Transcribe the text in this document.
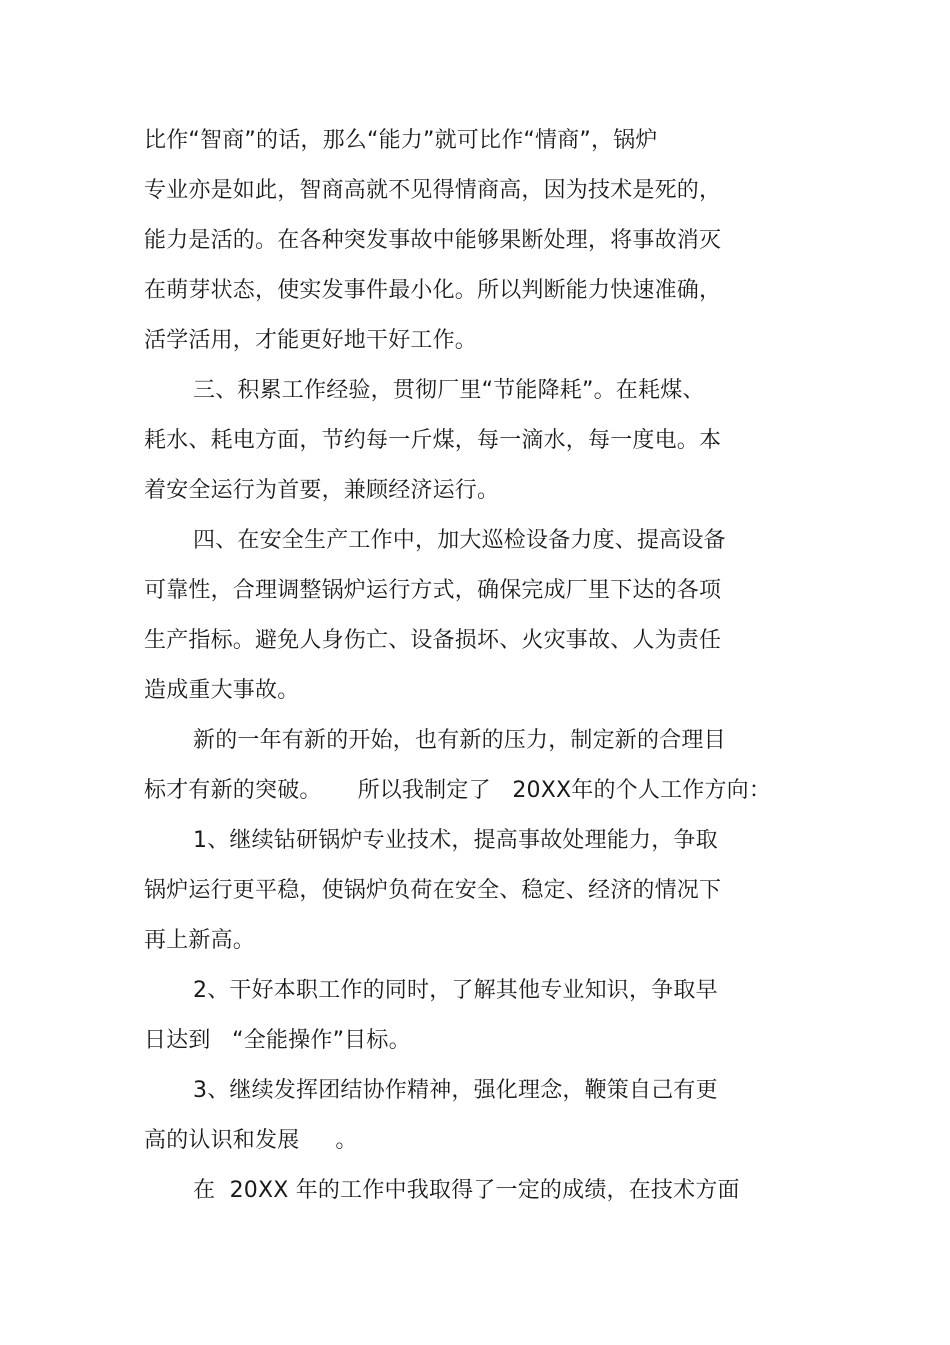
比作“智商”的话，那么“能力”就可比作“情商”，锅炉
专业亦是如此，智商高就不见得情商高，因为技术是死的，
能力是活的。在各种突发事故中能够果断处理，将事故消灭
在萌芽状态，使实发事件最小化。所以判断能力快速准确，
活学活用，才能更好地干好工作。
三、积累工作经验，贯彻厂里“节能降耗”。在耗煤、
耗水、耗电方面，节约每一斤煤，每一滴水，每一度电。本
着安全运行为首要，兼顾经济运行。
四、在安全生产工作中，加大巡检设备力度、提高设备
可靠性，合理调整锅炉运行方式，确保完成厂里下达的各项
生产指标。避免人身伤亡、设备损坏、火灾事故、人为责任
造成重大事故。
新的一年有新的开始，也有新的压力，制定新的合理目
标才有新的突破。     所以我制定了   20XX年的个人工作方向：
1、继续钻研锅炉专业技术，提高事故处理能力，争取
锅炉运行更平稳，使锅炉负荷在安全、稳定、经济的情况下
再上新高。
2、干好本职工作的同时，了解其他专业知识，争取早
日达到   “全能操作”目标。
3、继续发挥团结协作精神，强化理念，鞭策自己有更
高的认识和发展     。
在  20XX 年的工作中我取得了一定的成绩，在技术方面
